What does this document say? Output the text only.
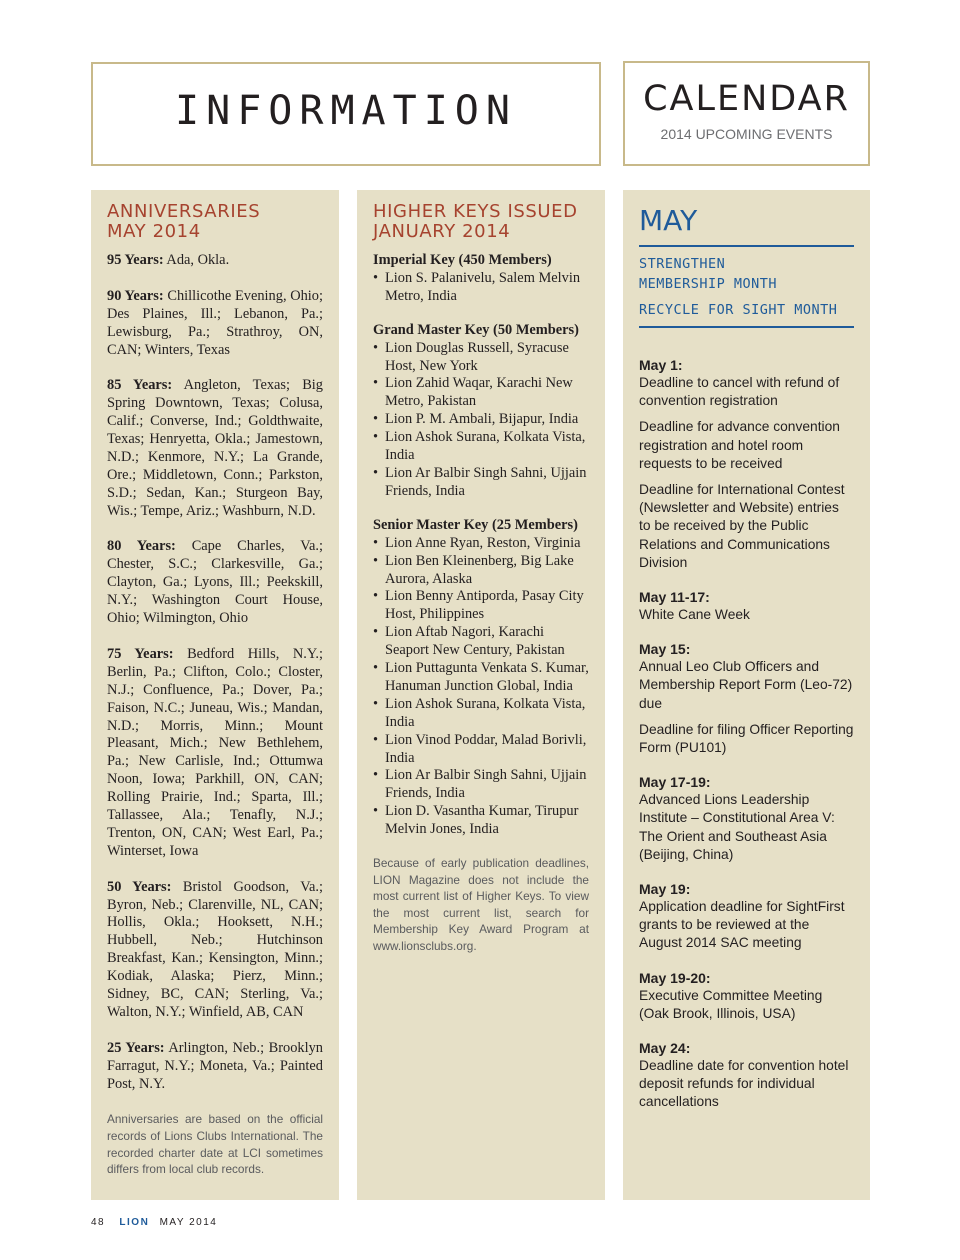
INFORMATION	CALENDAR
2014 UPCOMING EVENTS
ANNIVERSARIES
MAY 2014

95 Years: Ada, Okla.

90 Years: Chillicothe Evening, Ohio; Des Plaines, Ill.; Lebanon, Pa.; Lewisburg, Pa.; Strathroy, ON, CAN; Winters, Texas

85 Years: Angleton, Texas; Big Spring Downtown, Texas; Colusa, Calif.; Converse, Ind.; Goldthwaite, Texas; Henryetta, Okla.; Jamestown, N.D.; Kenmore, N.Y.; La Grande, Ore.; Middletown, Conn.; Parkston, S.D.; Sedan, Kan.; Sturgeon Bay, Wis.; Tempe, Ariz.; Washburn, N.D.

80 Years: Cape Charles, Va.; Chester, S.C.; Clarkesville, Ga.; Clayton, Ga.; Lyons, Ill.; Peekskill, N.Y.; Washington Court House, Ohio; Wilmington, Ohio

75 Years: Bedford Hills, N.Y.; Berlin, Pa.; Clifton, Colo.; Closter, N.J.; Confluence, Pa.; Dover, Pa.; Faison, N.C.; Juneau, Wis.; Mandan, N.D.; Morris, Minn.; Mount Pleasant, Mich.; New Bethlehem, Pa.; New Carlisle, Ind.; Ottumwa Noon, Iowa; Parkhill, ON, CAN; Rolling Prairie, Ind.; Sparta, Ill.; Tallassee, Ala.; Tenafly, N.J.; Trenton, ON, CAN; West Earl, Pa.; Winterset, Iowa

50 Years: Bristol Goodson, Va.; Byron, Neb.; Clarenville, NL, CAN; Hollis, Okla.; Hooksett, N.H.; Hubbell, Neb.; Hutchinson Breakfast, Kan.; Kensington, Minn.; Kodiak, Alaska; Pierz, Minn.; Sidney, BC, CAN; Sterling, Va.; Walton, N.Y.; Winfield, AB, CAN

25 Years: Arlington, Neb.; Brooklyn Farragut, N.Y.; Moneta, Va.; Painted Post, N.Y.

Anniversaries are based on the official records of Lions Clubs International. The recorded charter date at LCI sometimes differs from local club records.
HIGHER KEYS ISSUED
JANUARY 2014
Imperial Key (450 Members)
• Lion S. Palanivelu, Salem Melvin Metro, India
Grand Master Key (50 Members)
• Lion Douglas Russell, Syracuse Host, New York
• Lion Zahid Waqar, Karachi New Metro, Pakistan
• Lion P. M. Ambali, Bijapur, India
• Lion Ashok Surana, Kolkata Vista, India
• Lion Ar Balbir Singh Sahni, Ujjain Friends, India
Senior Master Key (25 Members)
• Lion Anne Ryan, Reston, Virginia
• Lion Ben Kleinenberg, Big Lake Aurora, Alaska
• Lion Benny Antiporda, Pasay City Host, Philippines
• Lion Aftab Nagori, Karachi Seaport New Century, Pakistan
• Lion Puttagunta Venkata S. Kumar, Hanuman Junction Global, India
• Lion Ashok Surana, Kolkata Vista, India
• Lion Vinod Poddar, Malad Borivli, India
• Lion Ar Balbir Singh Sahni, Ujjain Friends, India
• Lion D. Vasantha Kumar, Tirupur Melvin Jones, India
Because of early publication deadlines, LION Magazine does not include the most current list of Higher Keys. To view the most current list, search for Membership Key Award Program at www.lionsclubs.org.
MAY
STRENGTHEN
MEMBERSHIP MONTH
RECYCLE FOR SIGHT MONTH
May 1:
Deadline to cancel with refund of convention registration
Deadline for advance convention registration and hotel room requests to be received
Deadline for International Contest (Newsletter and Website) entries to be received by the Public Relations and Communications Division
May 11-17:
White Cane Week
May 15:
Annual Leo Club Officers and Membership Report Form (Leo-72) due
Deadline for filing Officer Reporting Form (PU101)
May 17-19:
Advanced Lions Leadership Institute – Constitutional Area V: The Orient and Southeast Asia (Beijing, China)
May 19:
Application deadline for SightFirst grants to be reviewed at the August 2014 SAC meeting
May 19-20:
Executive Committee Meeting (Oak Brook, Illinois, USA)
May 24:
Deadline date for convention hotel deposit refunds for individual cancellations
48 LION MAY 2014
